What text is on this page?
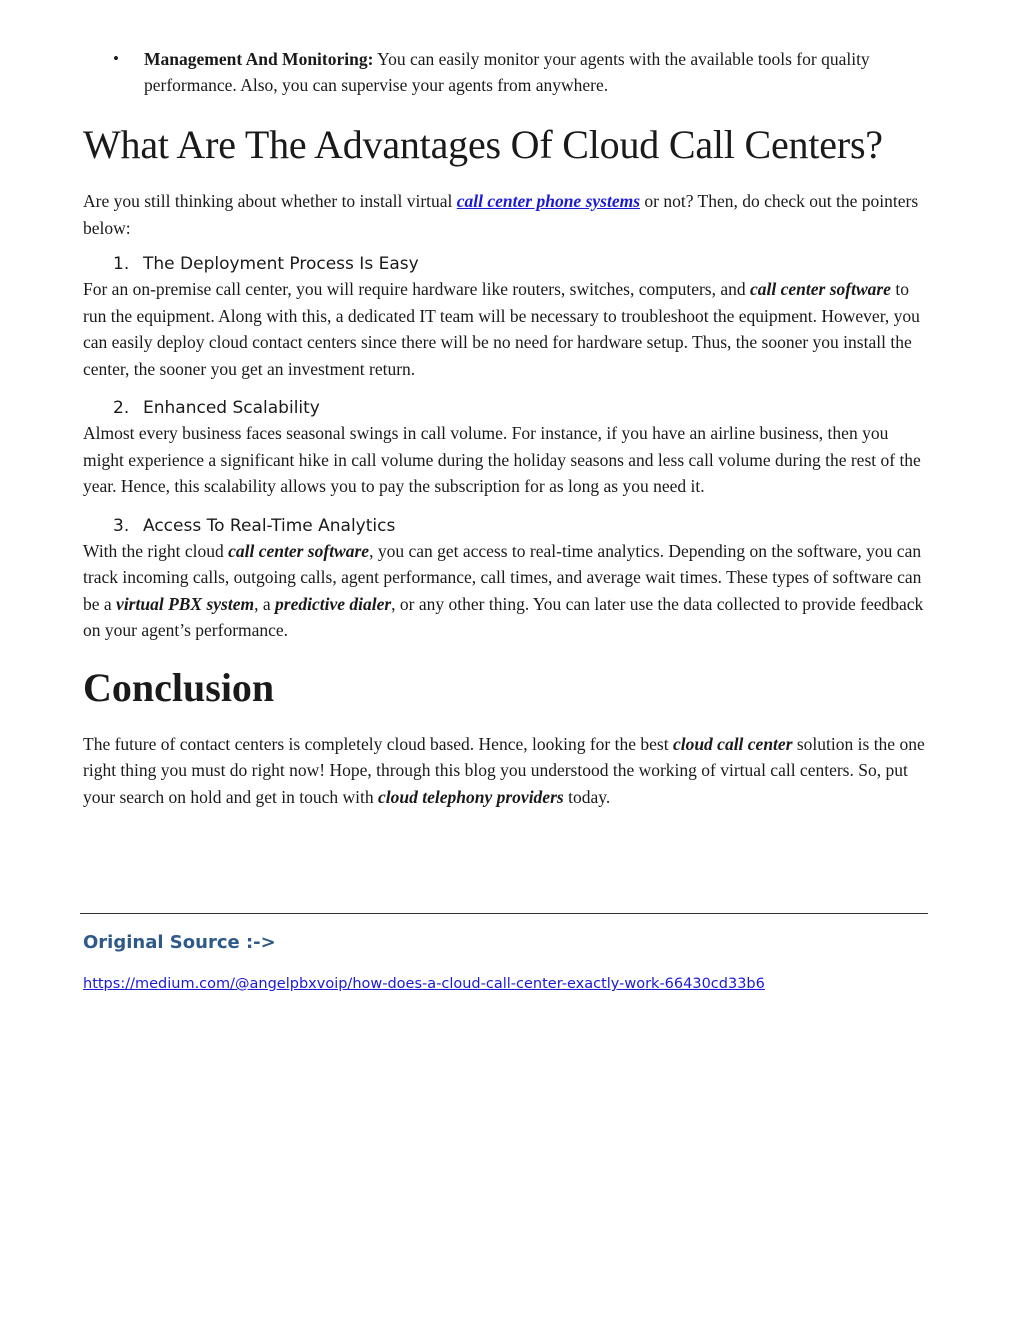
• Management And Monitoring: You can easily monitor your agents with the available tools for quality performance. Also, you can supervise your agents from anywhere.
What Are The Advantages Of Cloud Call Centers?

Are you still thinking about whether to install virtual call center phone systems or not? Then, do check out the pointers below:

1. The Deployment Process Is Easy

For an on-premise call center, you will require hardware like routers, switches, computers, and call center software to run the equipment. Along with this, a dedicated IT team will be necessary to troubleshoot the equipment. However, you can easily deploy cloud contact centers since there will be no need for hardware setup. Thus, the sooner you install the center, the sooner you get an investment return.

2. Enhanced Scalability

Almost every business faces seasonal swings in call volume. For instance, if you have an airline business, then you might experience a significant hike in call volume during the holiday seasons and less call volume during the rest of the year. Hence, this scalability allows you to pay the subscription for as long as you need it.

3. Access To Real-Time Analytics

With the right cloud call center software, you can get access to real-time analytics. Depending on the software, you can track incoming calls, outgoing calls, agent performance, call times, and average wait times. These types of software can be a virtual PBX system, a predictive dialer, or any other thing. You can later use the data collected to provide feedback on your agent’s performance.

Conclusion

The future of contact centers is completely cloud based. Hence, looking for the best cloud call center solution is the one right thing you must do right now! Hope, through this blog you understood the working of virtual call centers. So, put your search on hold and get in touch with cloud telephony providers today.

Original Source :->

https://medium.com/@angelpbxvoip/how-does-a-cloud-call-center-exactly-work-66430cd33b6
